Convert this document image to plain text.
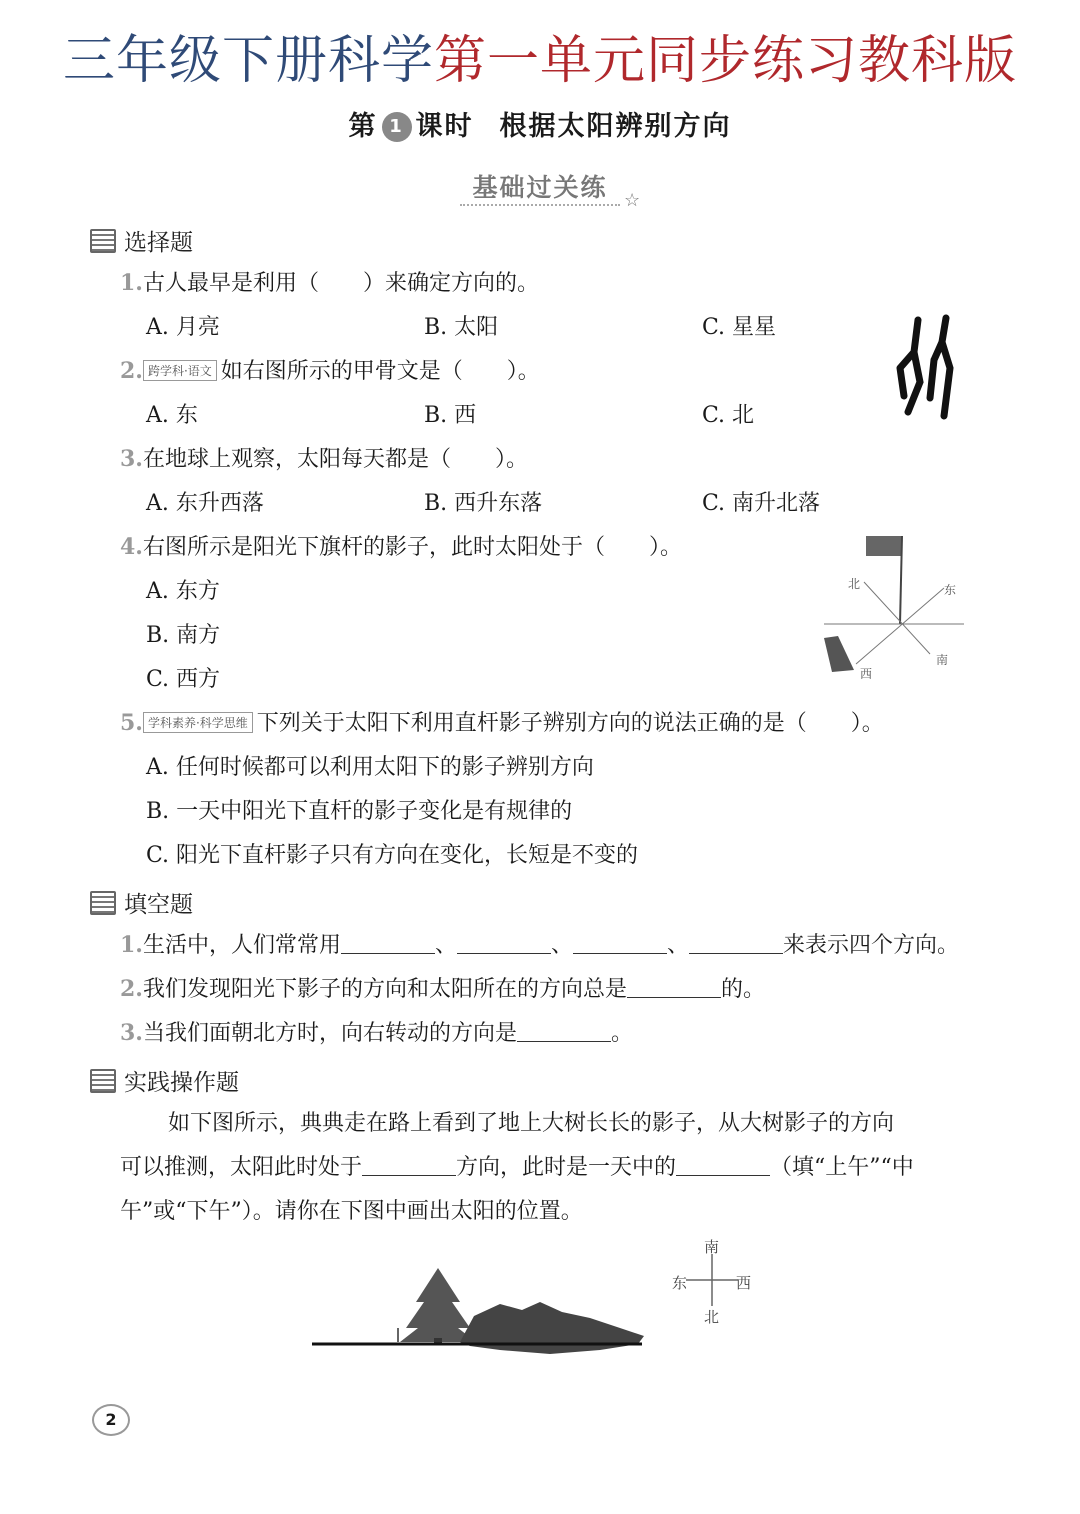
三年级下册科学第一单元同步练习教科版
第 1 课时 根据太阳辨别方向
基础过关练 ☆
选择题
1.古人最早是利用（　　）来确定方向的。
A. 月亮	B. 太阳	C. 星星
2. 跨学科·语文 如右图所示的甲骨文是（　　）。
A. 东	B. 西	C. 北
3.在地球上观察，太阳每天都是（　　）。
A. 东升西落	B. 西升东落	C. 南升北落
4.右图所示是阳光下旗杆的影子，此时太阳处于（　　）。
A. 东方
B. 南方
C. 西方
北	东
西
南
5. 学科素养·科学思维 下列关于太阳下利用直杆影子辨别方向的说法正确的是（　　）。
A. 任何时候都可以利用太阳下的影子辨别方向
B. 一天中阳光下直杆的影子变化是有规律的
C. 阳光下直杆影子只有方向在变化，长短是不变的
填空题
1.生活中，人们常常用	、	、	、	来表示四个方向。
2.我们发现阳光下影子的方向和太阳所在的方向总是	的。
3.当我们面朝北方时，向右转动的方向是	。
实践操作题
如下图所示，典典走在路上看到了地上大树长长的影子，从大树影子的方向
可以推测，太阳此时处于	方向，此时是一天中的	（填“上午”“中
午”或“下午”）。请你在下图中画出太阳的位置。
南
东	西
北
2
